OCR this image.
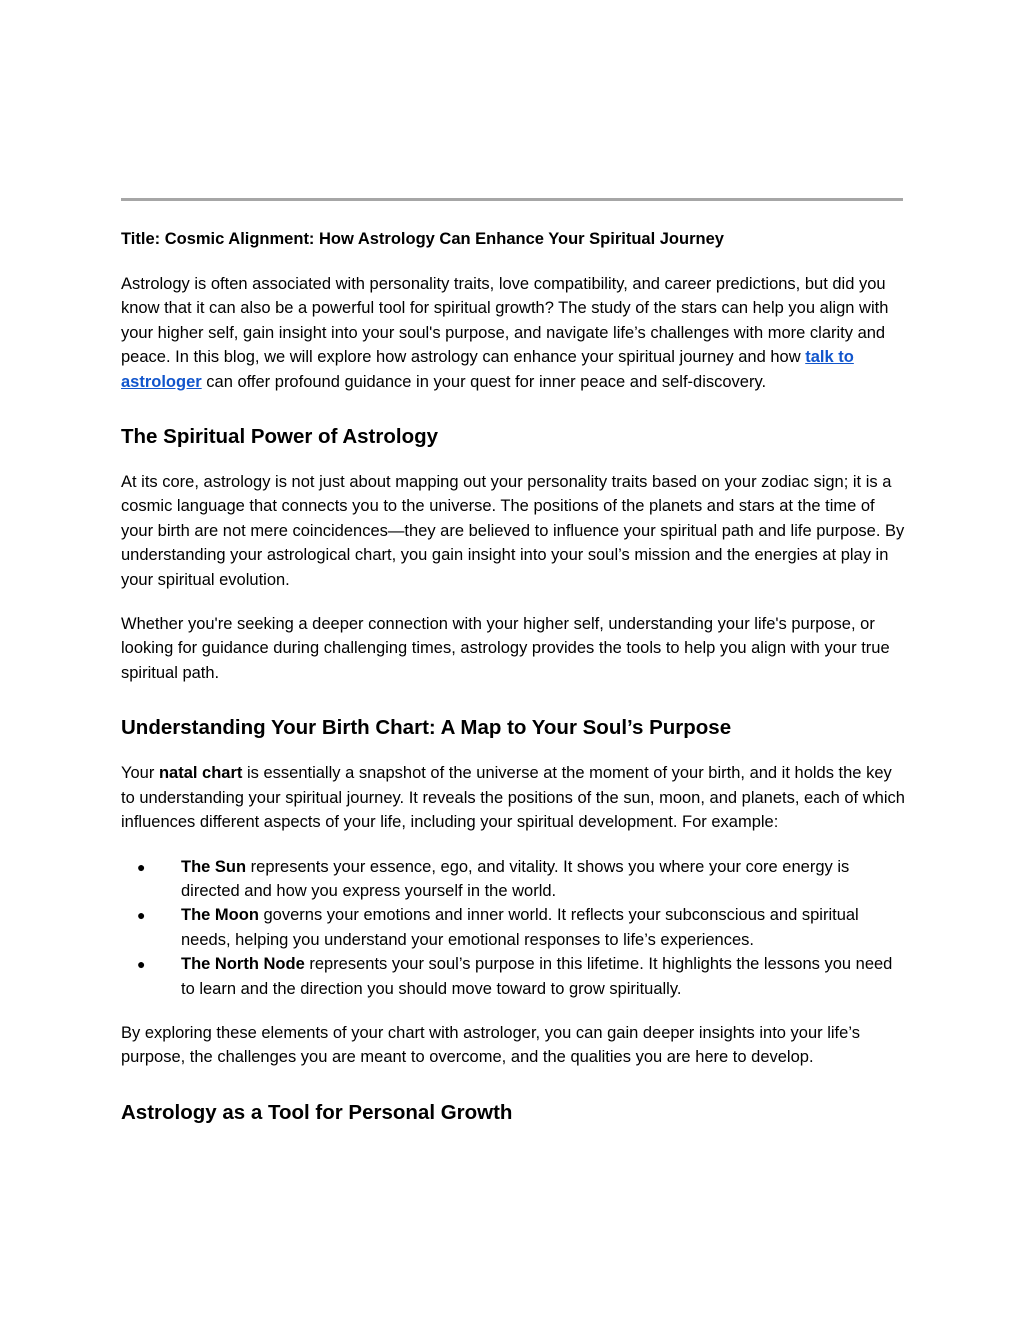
Title: Cosmic Alignment: How Astrology Can Enhance Your Spiritual Journey

Astrology is often associated with personality traits, love compatibility, and career predictions, but did you know that it can also be a powerful tool for spiritual growth? The study of the stars can help you align with your higher self, gain insight into your soul's purpose, and navigate life’s challenges with more clarity and peace. In this blog, we will explore how astrology can enhance your spiritual journey and how talk to astrologer can offer profound guidance in your quest for inner peace and self-discovery.

The Spiritual Power of Astrology

At its core, astrology is not just about mapping out your personality traits based on your zodiac sign; it is a cosmic language that connects you to the universe. The positions of the planets and stars at the time of your birth are not mere coincidences—they are believed to influence your spiritual path and life purpose. By understanding your astrological chart, you gain insight into your soul’s mission and the energies at play in your spiritual evolution.

Whether you're seeking a deeper connection with your higher self, understanding your life's purpose, or looking for guidance during challenging times, astrology provides the tools to help you align with your true spiritual path.

Understanding Your Birth Chart: A Map to Your Soul’s Purpose

Your natal chart is essentially a snapshot of the universe at the moment of your birth, and it holds the key to understanding your spiritual journey. It reveals the positions of the sun, moon, and planets, each of which influences different aspects of your life, including your spiritual development. For example:

● The Sun represents your essence, ego, and vitality. It shows you where your core energy is directed and how you express yourself in the world.
● The Moon governs your emotions and inner world. It reflects your subconscious and spiritual needs, helping you understand your emotional responses to life’s experiences.
● The North Node represents your soul’s purpose in this lifetime. It highlights the lessons you need to learn and the direction you should move toward to grow spiritually.

By exploring these elements of your chart with astrologer, you can gain deeper insights into your life’s purpose, the challenges you are meant to overcome, and the qualities you are here to develop.

Astrology as a Tool for Personal Growth
